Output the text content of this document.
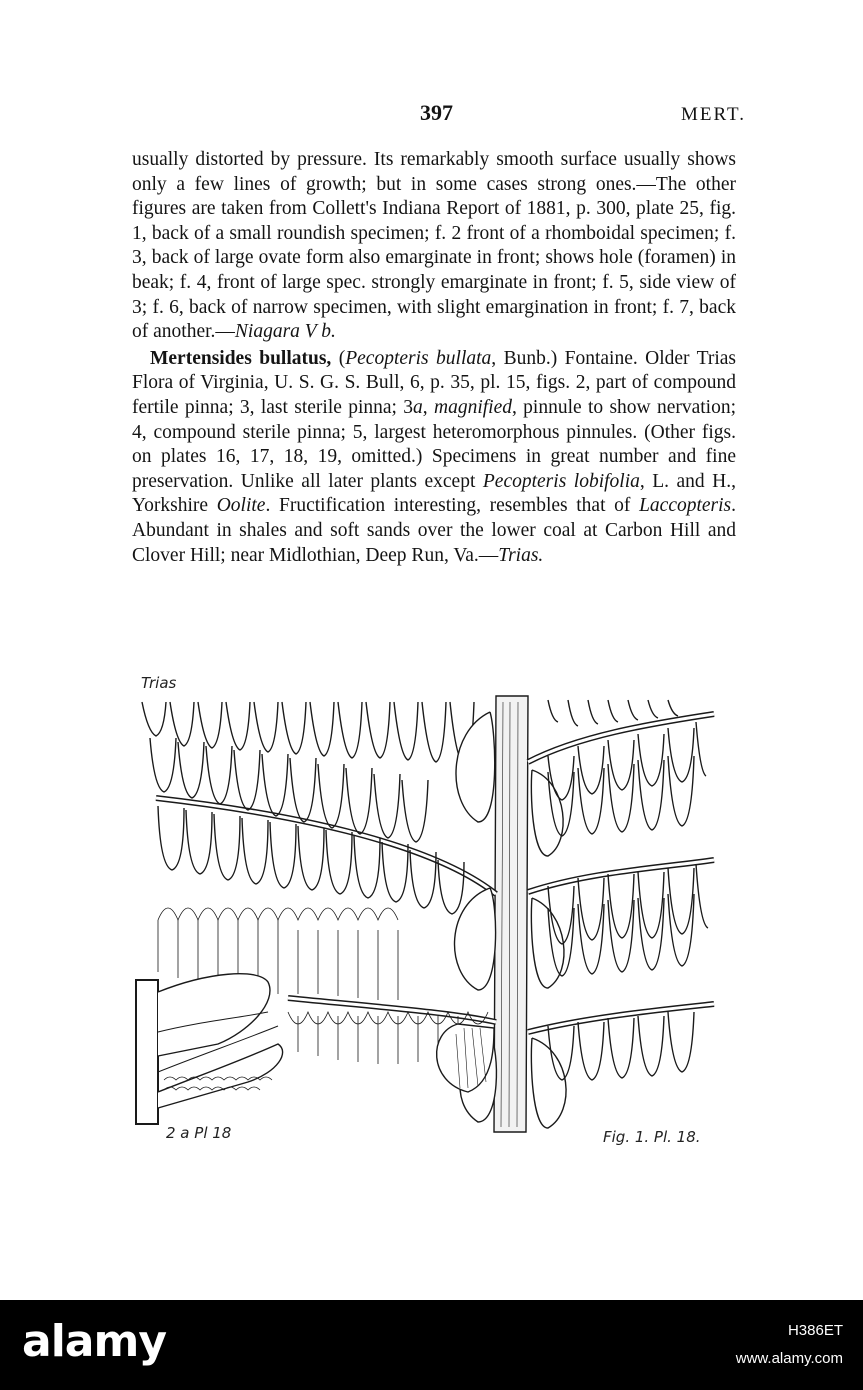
397	MERT.

usually distorted by pressure. Its remarkably smooth surface usually shows only a few lines of growth; but in some cases strong ones.—The other figures are taken from Collett's Indiana Report of 1881, p. 300, plate 25, fig. 1, back of a small roundish specimen; f. 2 front of a rhomboidal specimen; f. 3, back of large ovate form also emarginate in front; shows hole (foramen) in beak; f. 4, front of large spec. strongly emarginate in front; f. 5, side view of 3; f. 6, back of narrow specimen, with slight emargination in front; f. 7, back of another.—Niagara V b.

Mertensides bullatus, (Pecopteris bullata, Bunb.) Fontaine. Older Trias Flora of Virginia, U. S. G. S. Bull, 6, p. 35, pl. 15, figs. 2, part of compound fertile pinna; 3, last sterile pinna; 3a, magnified, pinnule to show nervation; 4, compound sterile pinna; 5, largest heteromorphous pinnules. (Other figs. on plates 16, 17, 18, 19, omitted.) Specimens in great number and fine preservation. Unlike all later plants except Pecopteris lobifolia, L. and H., Yorkshire Oolite. Fructification interesting, resembles that of Laccopteris. Abundant in shales and soft sands over the lower coal at Carbon Hill and Clover Hill; near Midlothian, Deep Run, Va.—Trias.

Trias
2 a Pl 18	Fig. 1. Pl. 18.
alamy	H386ET
www.alamy.com
